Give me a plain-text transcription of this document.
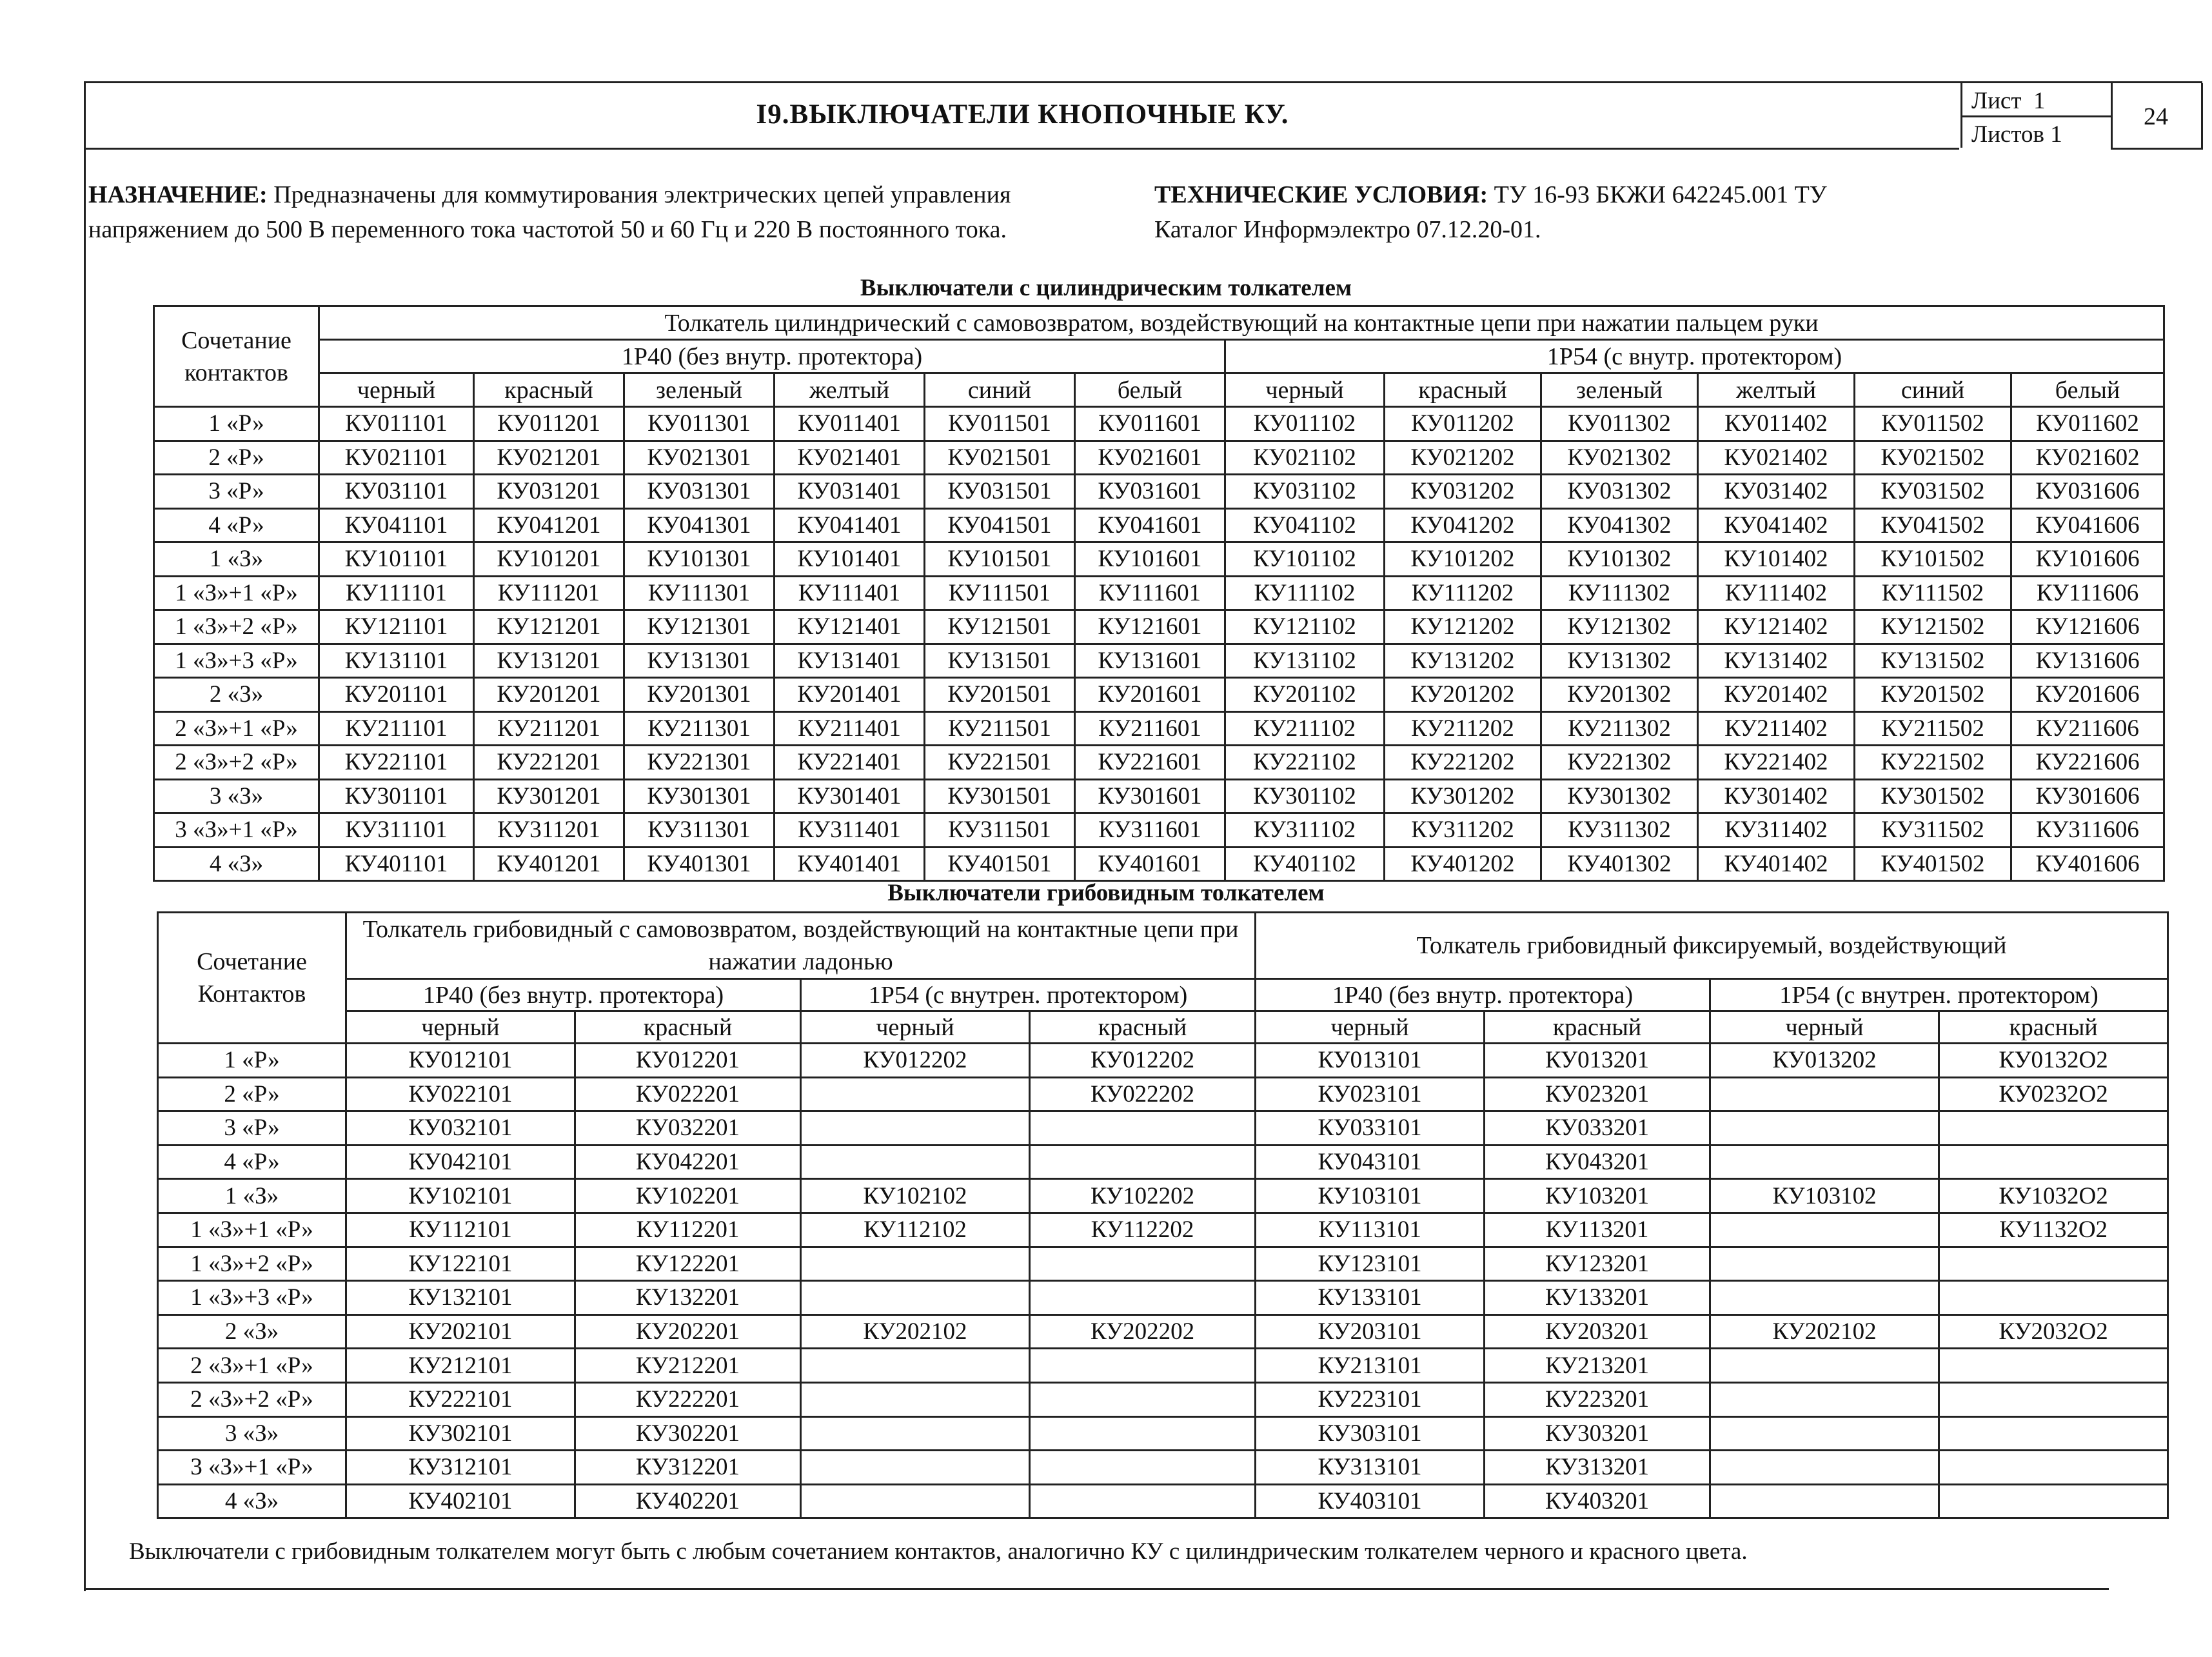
I9.ВЫКЛЮЧАТЕЛИ КНОПОЧНЫЕ КУ.	Лист 1
Листов 1
24
НАЗНАЧЕНИЕ: Предназначены для коммутирования электрических цепей управления
напряжением до 500 В переменного тока частотой 50 и 60 Гц и 220 В постоянного тока.
ТЕХНИЧЕСКИЕ УСЛОВИЯ: ТУ 16-93 БКЖИ 642245.001 ТУ
Каталог Информэлектро 07.12.20-01.
Выключатели с цилиндрическим толкателем
Сочетание контактов	Толкатель цилиндрический с самовозвратом, воздействующий на контактные цепи при нажатии пальцем руки											
	1Р40 (без внутр. протектора)						1Р54 (с внутр. протектором)					
	черный	красный	зеленый	желтый	синий	белый	черный	красный	зеленый	желтый	синий	белый
1 «Р»	КУ011101	КУ011201	КУ011301	КУ011401	КУ011501	КУ011601	КУ011102	КУ011202	КУ011302	КУ011402	КУ011502	КУ011602
2 «Р»	КУ021101	КУ021201	КУ021301	КУ021401	КУ021501	КУ021601	КУ021102	КУ021202	КУ021302	КУ021402	КУ021502	КУ021602
3 «Р»	КУ031101	КУ031201	КУ031301	КУ031401	КУ031501	КУ031601	КУ031102	КУ031202	КУ031302	КУ031402	КУ031502	КУ031606
4 «Р»	КУ041101	КУ041201	КУ041301	КУ041401	КУ041501	КУ041601	КУ041102	КУ041202	КУ041302	КУ041402	КУ041502	КУ041606
1 «З»	КУ101101	КУ101201	КУ101301	КУ101401	КУ101501	КУ101601	КУ101102	КУ101202	КУ101302	КУ101402	КУ101502	КУ101606
1 «З»+1 «Р»	КУ111101	КУ111201	КУ111301	КУ111401	КУ111501	КУ111601	КУ111102	КУ111202	КУ111302	КУ111402	КУ111502	КУ111606
1 «З»+2 «Р»	КУ121101	КУ121201	КУ121301	КУ121401	КУ121501	КУ121601	КУ121102	КУ121202	КУ121302	КУ121402	КУ121502	КУ121606
1 «З»+3 «Р»	КУ131101	КУ131201	КУ131301	КУ131401	КУ131501	КУ131601	КУ131102	КУ131202	КУ131302	КУ131402	КУ131502	КУ131606
2 «З»	КУ201101	КУ201201	КУ201301	КУ201401	КУ201501	КУ201601	КУ201102	КУ201202	КУ201302	КУ201402	КУ201502	КУ201606
2 «З»+1 «Р»	КУ211101	КУ211201	КУ211301	КУ211401	КУ211501	КУ211601	КУ211102	КУ211202	КУ211302	КУ211402	КУ211502	КУ211606
2 «З»+2 «Р»	КУ221101	КУ221201	КУ221301	КУ221401	КУ221501	КУ221601	КУ221102	КУ221202	КУ221302	КУ221402	КУ221502	КУ221606
3 «З»	КУ301101	КУ301201	КУ301301	КУ301401	КУ301501	КУ301601	КУ301102	КУ301202	КУ301302	КУ301402	КУ301502	КУ301606
3 «З»+1 «Р»	КУ311101	КУ311201	КУ311301	КУ311401	КУ311501	КУ311601	КУ311102	КУ311202	КУ311302	КУ311402	КУ311502	КУ311606
4 «З»	КУ401101	КУ401201	КУ401301	КУ401401	КУ401501	КУ401601	КУ401102	КУ401202	КУ401302	КУ401402	КУ401502	КУ401606
Выключатели грибовидным толкателем
Сочетание Контактов	Толкатель грибовидный с самовозвратом, воздействующий на контактные цепи при нажатии ладонью				Толкатель грибовидный фиксируемый, воздействующий			
	1Р40 (без внутр. протектора)		1Р54 (с внутрен. протектором)		1Р40 (без внутр. протектора)		1Р54 (с внутрен. протектором)	
	черный	красный	черный	красный	черный	красный	черный	красный
1 «Р»	КУ012101	КУ012201	КУ012202	КУ012202	КУ013101	КУ013201	КУ013202	КУ0132О2
2 «Р»	КУ022101	КУ022201		КУ022202	КУ023101	КУ023201		КУ0232О2
3 «Р»	КУ032101	КУ032201			КУ033101	КУ033201		
4 «Р»	КУ042101	КУ042201			КУ043101	КУ043201		
1 «З»	КУ102101	КУ102201	КУ102102	КУ102202	КУ103101	КУ103201	КУ103102	КУ1032О2
1 «З»+1 «Р»	КУ112101	КУ112201	КУ112102	КУ112202	КУ113101	КУ113201		КУ1132О2
1 «З»+2 «Р»	КУ122101	КУ122201			КУ123101	КУ123201		
1 «З»+3 «Р»	КУ132101	КУ132201			КУ133101	КУ133201		
2 «З»	КУ202101	КУ202201	КУ202102	КУ202202	КУ203101	КУ203201	КУ202102	КУ2032О2
2 «З»+1 «Р»	КУ212101	КУ212201			КУ213101	КУ213201		
2 «З»+2 «Р»	КУ222101	КУ222201			КУ223101	КУ223201		
3 «З»	КУ302101	КУ302201			КУ303101	КУ303201		
3 «З»+1 «Р»	КУ312101	КУ312201			КУ313101	КУ313201		
4 «З»	КУ402101	КУ402201			КУ403101	КУ403201		
Выключатели с грибовидным толкателем могут быть с любым сочетанием контактов, аналогично КУ с цилиндрическим толкателем черного и красного цвета.
